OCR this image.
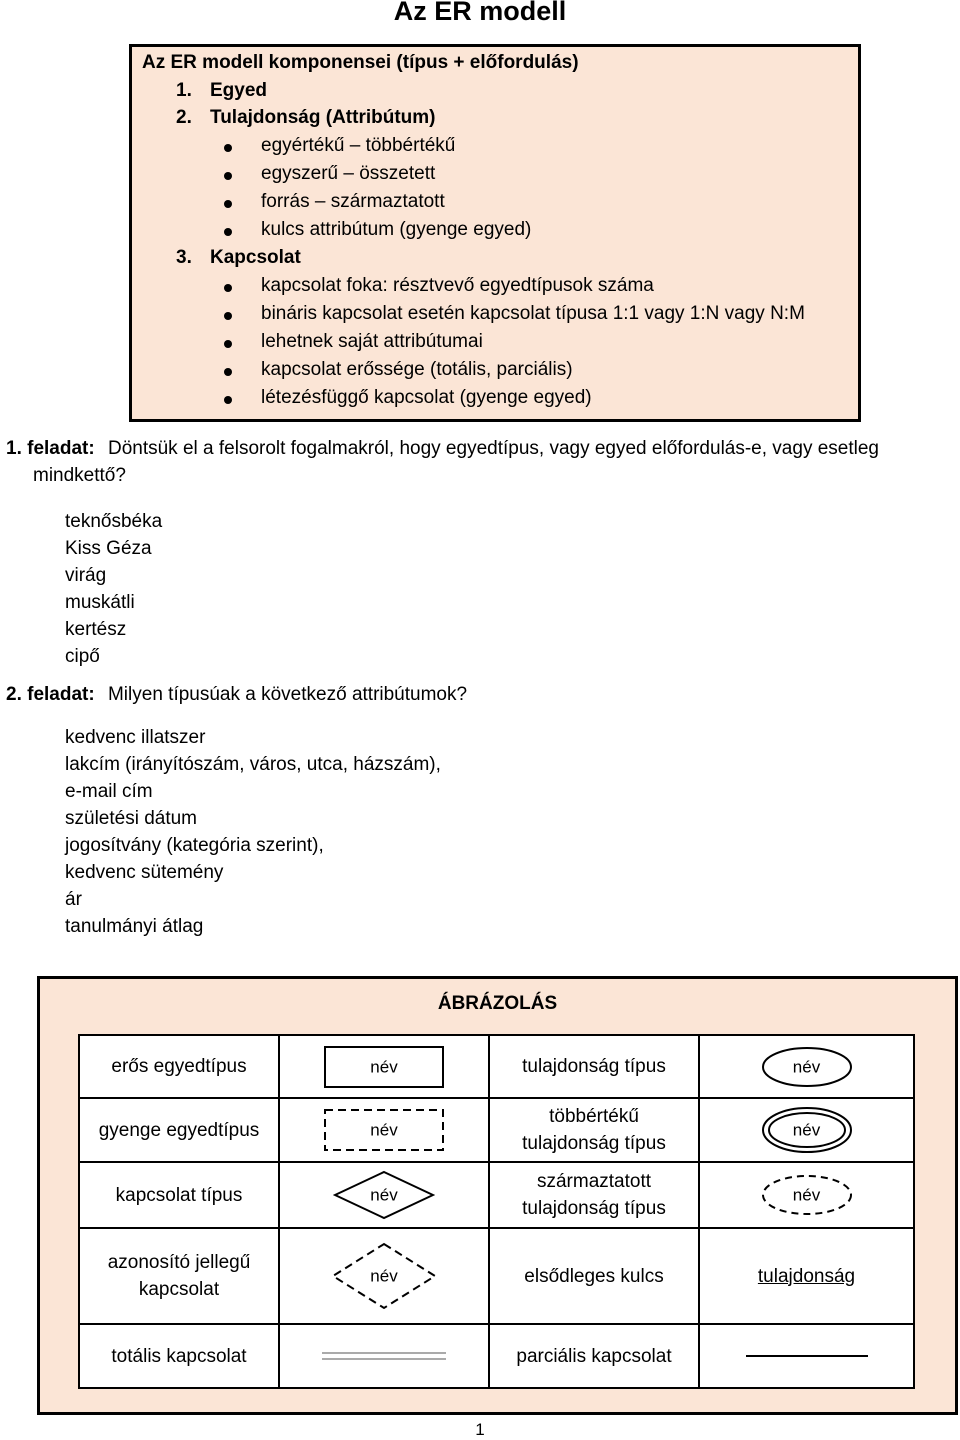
Az ER modell
Az ER modell komponensei (típus + előfordulás)
1. Egyed
2. Tulajdonság (Attribútum)
egyértékű – többértékű
egyszerű – összetett
forrás – származtatott
kulcs attribútum (gyenge egyed)
3. Kapcsolat
kapcsolat foka: résztvevő egyedtípusok száma
bináris kapcsolat esetén kapcsolat típusa 1:1 vagy 1:N vagy N:M
lehetnek saját attribútumai
kapcsolat erőssége (totális, parciális)
létezésfüggő kapcsolat (gyenge egyed)
1. feladat: Döntsük el a felsorolt fogalmakról, hogy egyedtípus, vagy egyed előfordulás-e, vagy esetleg
mindkettő?
teknősbéka
Kiss Géza
virág
muskátli
kertész
cipő
2. feladat: Milyen típusúak a következő attribútumok?
kedvenc illatszer
lakcím (irányítószám, város, utca, házszám),
e-mail cím
születési dátum
jogosítvány (kategória szerint),
kedvenc sütemény
ár
tanulmányi átlag
ÁBRÁZOLÁS
erős egyedtípus	név	tulajdonság típus	név

gyenge egyedtípus	név	többértékű tulajdonság típus	név

kapcsolat típus	név	származtatott tulajdonság típus	név

azonosító jellegű kapcsolat	név	elsődleges kulcs	tulajdonság
totális kapcsolat		parciális kapcsolat	
1
